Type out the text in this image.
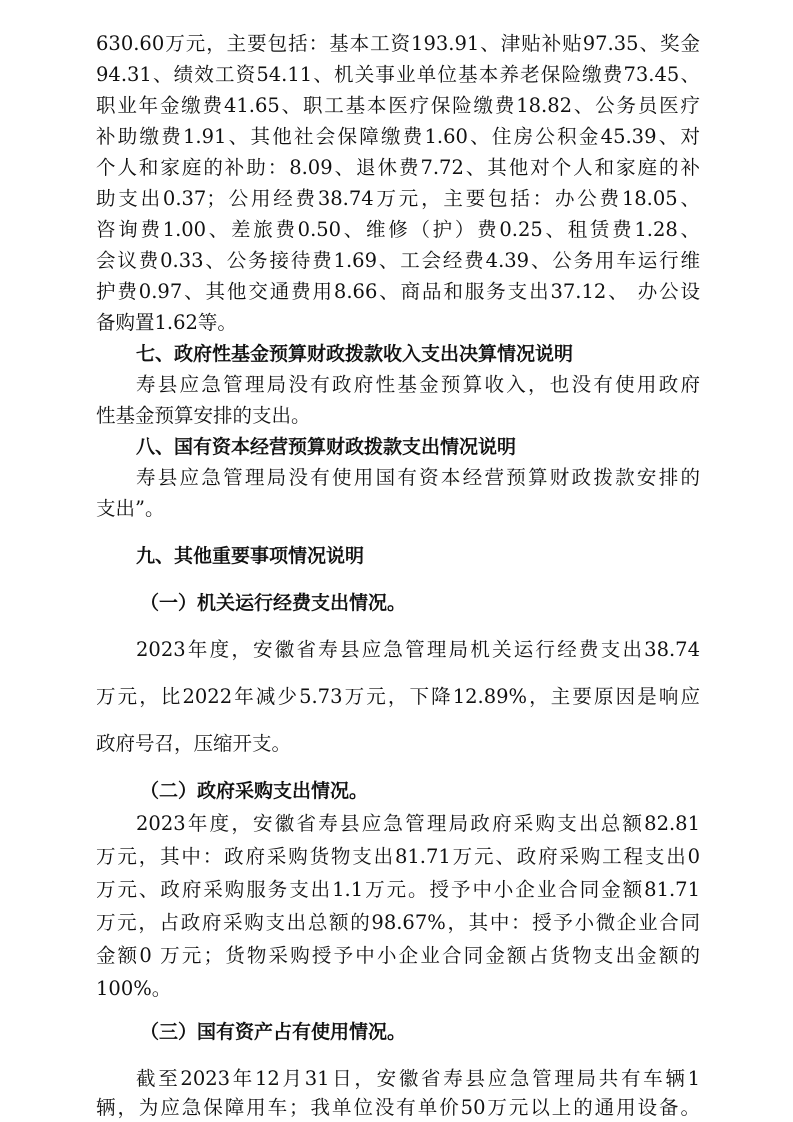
630.60万元，主要包括：基本工资193.91、津贴补贴97.35、奖金

94.31、绩效工资54.11、机关事业单位基本养老保险缴费73.45、

职业年金缴费41.65、职工基本医疗保险缴费18.82、公务员医疗

补助缴费1.91、其他社会保障缴费1.60、住房公积金45.39、对

个人和家庭的补助：8.09、退休费7.72、其他对个人和家庭的补

助支出0.37；公用经费38.74万元，主要包括：办公费18.05、

咨询费1.00、差旅费0.50、维修（护）费0.25、租赁费1.28、

会议费0.33、公务接待费1.69、工会经费4.39、公务用车运行维

护费0.97、其他交通费用8.66、商品和服务支出37.12、 办公设

备购置1.62等。

七、政府性基金预算财政拨款收入支出决算情况说明

寿县应急管理局没有政府性基金预算收入，也没有使用政府

性基金预算安排的支出。

八、国有资本经营预算财政拨款支出情况说明

寿县应急管理局没有使用国有资本经营预算财政拨款安排的

支出”。

九、其他重要事项情况说明

（一）机关运行经费支出情况。

2023年度，安徽省寿县应急管理局机关运行经费支出38.74

万元，比2022年减少5.73万元，下降12.89%，主要原因是响应

政府号召，压缩开支。

（二）政府采购支出情况。

2023年度，安徽省寿县应急管理局政府采购支出总额82.81

万元，其中：政府采购货物支出81.71万元、政府采购工程支出0

万元、政府采购服务支出1.1万元。授予中小企业合同金额81.71

万元，占政府采购支出总额的98.67%，其中：授予小微企业合同

金额0 万元；货物采购授予中小企业合同金额占货物支出金额的

100%。

（三）国有资产占有使用情况。

截至2023年12月31日，安徽省寿县应急管理局共有车辆1

辆，为应急保障用车；我单位没有单价50万元以上的通用设备。
